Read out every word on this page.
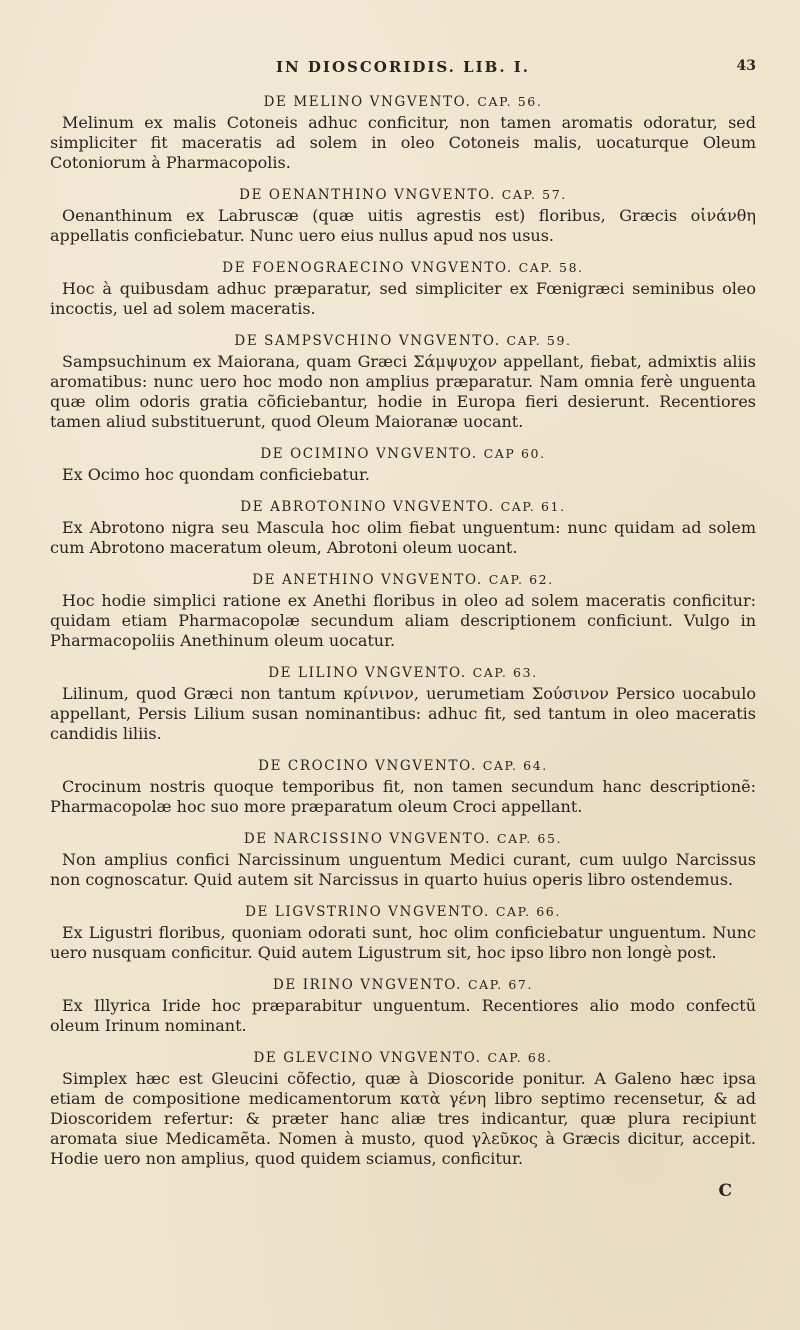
IN DIOSCORIDIS. LIB. I.	43
DE MELINO VNGVENTO. CAP. 56.

Melinum ex malis Cotoneis adhuc conficitur, non tamen aromatis odoratur, sed simpliciter fit maceratis ad solem in oleo Cotoneis malis, uocaturque Oleum Cotoniorum à Pharmacopolis.

DE OENANTHINO VNGVENTO. CAP. 57.

Oenanthinum ex Labruscæ (quæ uitis agrestis est) floribus, Græcis οἰνάνθη appellatis conficiebatur. Nunc uero eius nullus apud nos usus.

DE FOENOGRAECINO VNGVENTO. CAP. 58.

Hoc à quibusdam adhuc præparatur, sed simpliciter ex Fœnigræci seminibus oleo incoctis, uel ad solem maceratis.

DE SAMPSVCHINO VNGVENTO. CAP. 59.

Sampsuchinum ex Maiorana, quam Græci Σάμψυχον appellant, fiebat, admixtis aliis aromatibus: nunc uero hoc modo non amplius præparatur. Nam omnia ferè unguenta quæ olim odoris gratia cõficiebantur, hodie in Europa fieri desierunt. Recentiores tamen aliud substituerunt, quod Oleum Maioranæ uocant.

DE OCIMINO VNGVENTO. CAP 60.

Ex Ocimo hoc quondam conficiebatur.

DE ABROTONINO VNGVENTO. CAP. 61.

Ex Abrotono nigra seu Mascula hoc olim fiebat unguentum: nunc quidam ad solem cum Abrotono maceratum oleum, Abrotoni oleum uocant.

DE ANETHINO VNGVENTO. CAP. 62.

Hoc hodie simplici ratione ex Anethi floribus in oleo ad solem maceratis conficitur: quidam etiam Pharmacopolæ secundum aliam descriptionem conficiunt. Vulgo in Pharmacopoliis Anethinum oleum uocatur.

DE LILINO VNGVENTO. CAP. 63.

Lilinum, quod Græci non tantum κρίνινον, uerumetiam Σούσινον Persico uocabulo appellant, Persis Lilium susan nominantibus: adhuc fit, sed tantum in oleo maceratis candidis liliis.

DE CROCINO VNGVENTO. CAP. 64.

Crocinum nostris quoque temporibus fit, non tamen secundum hanc descriptionẽ: Pharmacopolæ hoc suo more præparatum oleum Croci appellant.

DE NARCISSINO VNGVENTO. CAP. 65.

Non amplius confici Narcissinum unguentum Medici curant, cum uulgo Narcissus non cognoscatur. Quid autem sit Narcissus in quarto huius operis libro ostendemus.

DE LIGVSTRINO VNGVENTO. CAP. 66.

Ex Ligustri floribus, quoniam odorati sunt, hoc olim conficiebatur unguentum. Nunc uero nusquam conficitur. Quid autem Ligustrum sit, hoc ipso libro non longè post.

DE IRINO VNGVENTO. CAP. 67.

Ex Illyrica Iride hoc præparabitur unguentum. Recentiores alio modo confectũ oleum Irinum nominant.

DE GLEVCINO VNGVENTO. CAP. 68.

Simplex hæc est Gleucini cõfectio, quæ à Dioscoride ponitur. A Galeno hæc ipsa etiam de compositione medicamentorum κατὰ γένη libro septimo recensetur, & ad Dioscoridem refertur: & præter hanc aliæ tres indicantur, quæ plura recipiunt aromata siue Medicamẽta. Nomen à musto, quod γλεῦκος à Græcis dicitur, accepit. Hodie uero non amplius, quod quidem sciamus, conficitur.

C
